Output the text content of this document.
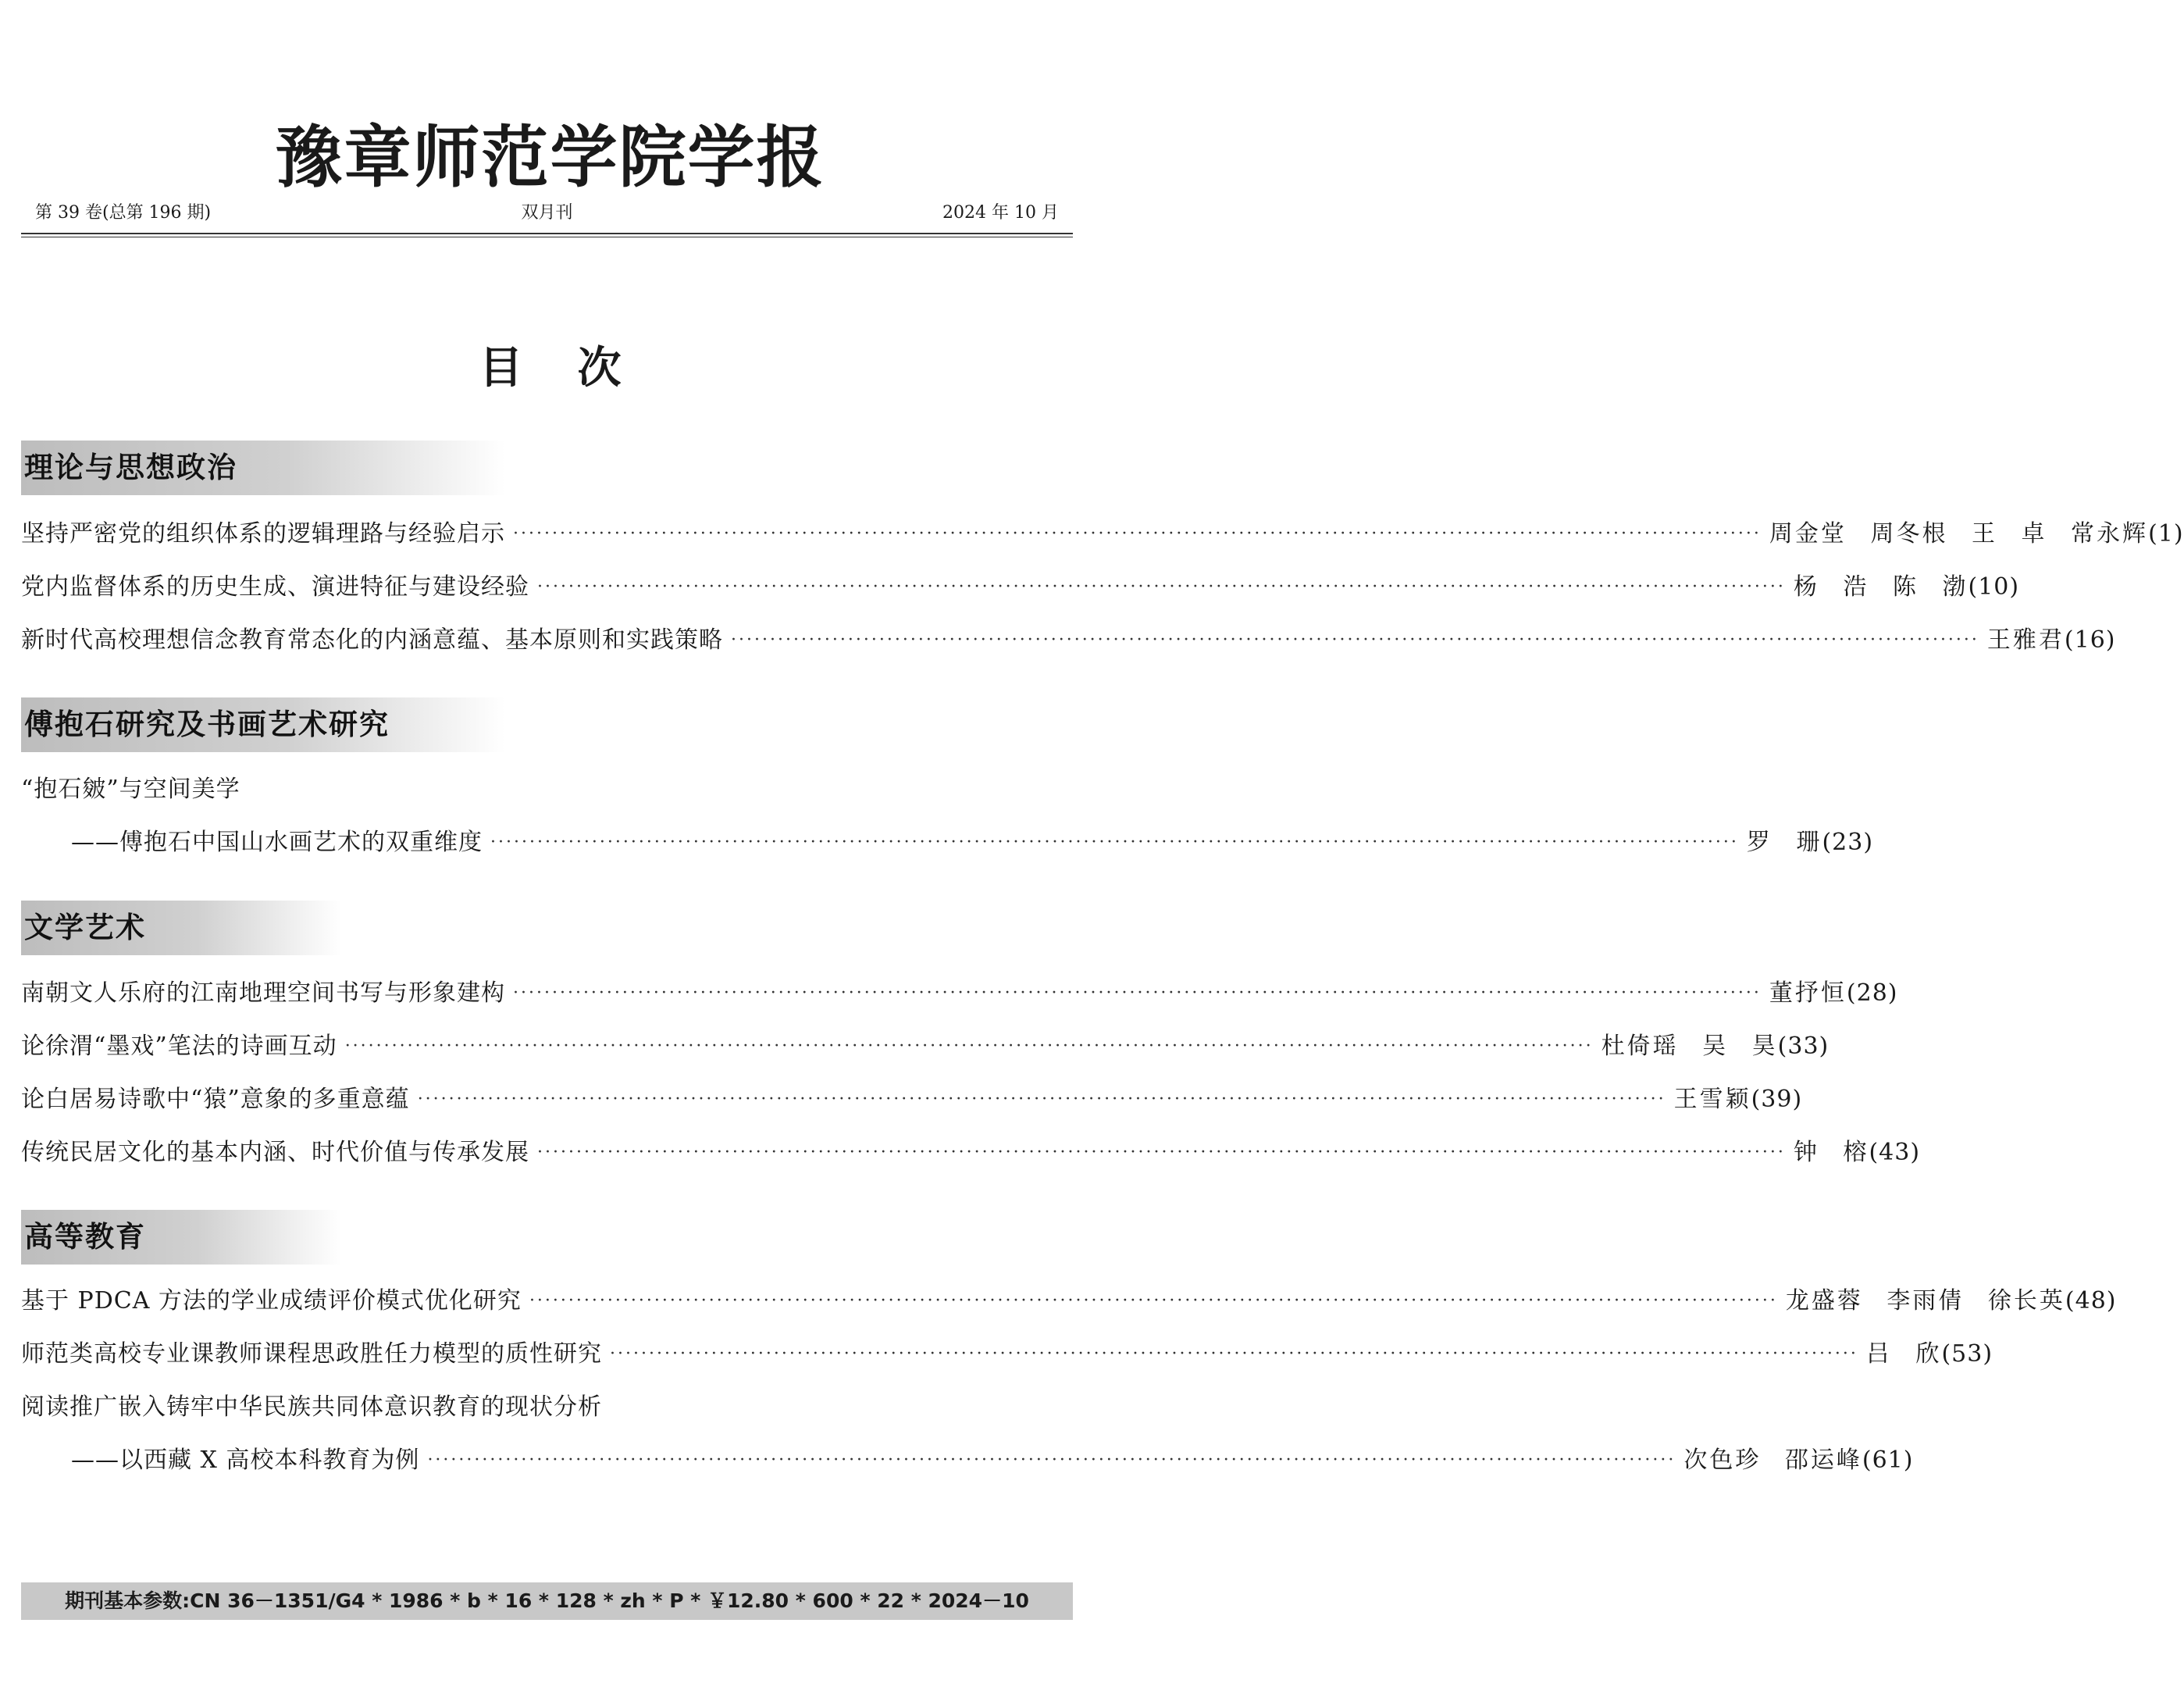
豫章师范学院学报
第 39 卷(总第 196 期)	双月刊	2024 年 10 月
目次
理论与思想政治
坚持严密党的组织体系的逻辑理路与经验启示 ································································································································································ 周金堂 周冬根 王 卓 常永辉 (1)
党内监督体系的历史生成、演进特征与建设经验 ································································································································································ 杨 浩 陈 渤 (10)
新时代高校理想信念教育常态化的内涵意蕴、基本原则和实践策略 ································································································································································ 王雅君 (16)
傅抱石研究及书画艺术研究
“抱石皴”与空间美学
——傅抱石中国山水画艺术的双重维度 ································································································································································ 罗 珊 (23)
文学艺术
南朝文人乐府的江南地理空间书写与形象建构 ································································································································································ 董抒恒 (28)
论徐渭“墨戏”笔法的诗画互动 ································································································································································ 杜倚瑶 吴 昊 (33)
论白居易诗歌中“猿”意象的多重意蕴 ································································································································································ 王雪颖 (39)
传统民居文化的基本内涵、时代价值与传承发展 ································································································································································ 钟 榕 (43)
高等教育
基于 PDCA 方法的学业成绩评价模式优化研究 ································································································································································ 龙盛蓉 李雨倩 徐长英 (48)
师范类高校专业课教师课程思政胜任力模型的质性研究 ································································································································································ 吕 欣 (53)
阅读推广嵌入铸牢中华民族共同体意识教育的现状分析
——以西藏 X 高校本科教育为例 ································································································································································ 次色珍 邵运峰 (61)
期刊基本参数:CN 36－1351/G4 * 1986 * b * 16 * 128 * zh * P * ￥12.80 * 600 * 22 * 2024－10
